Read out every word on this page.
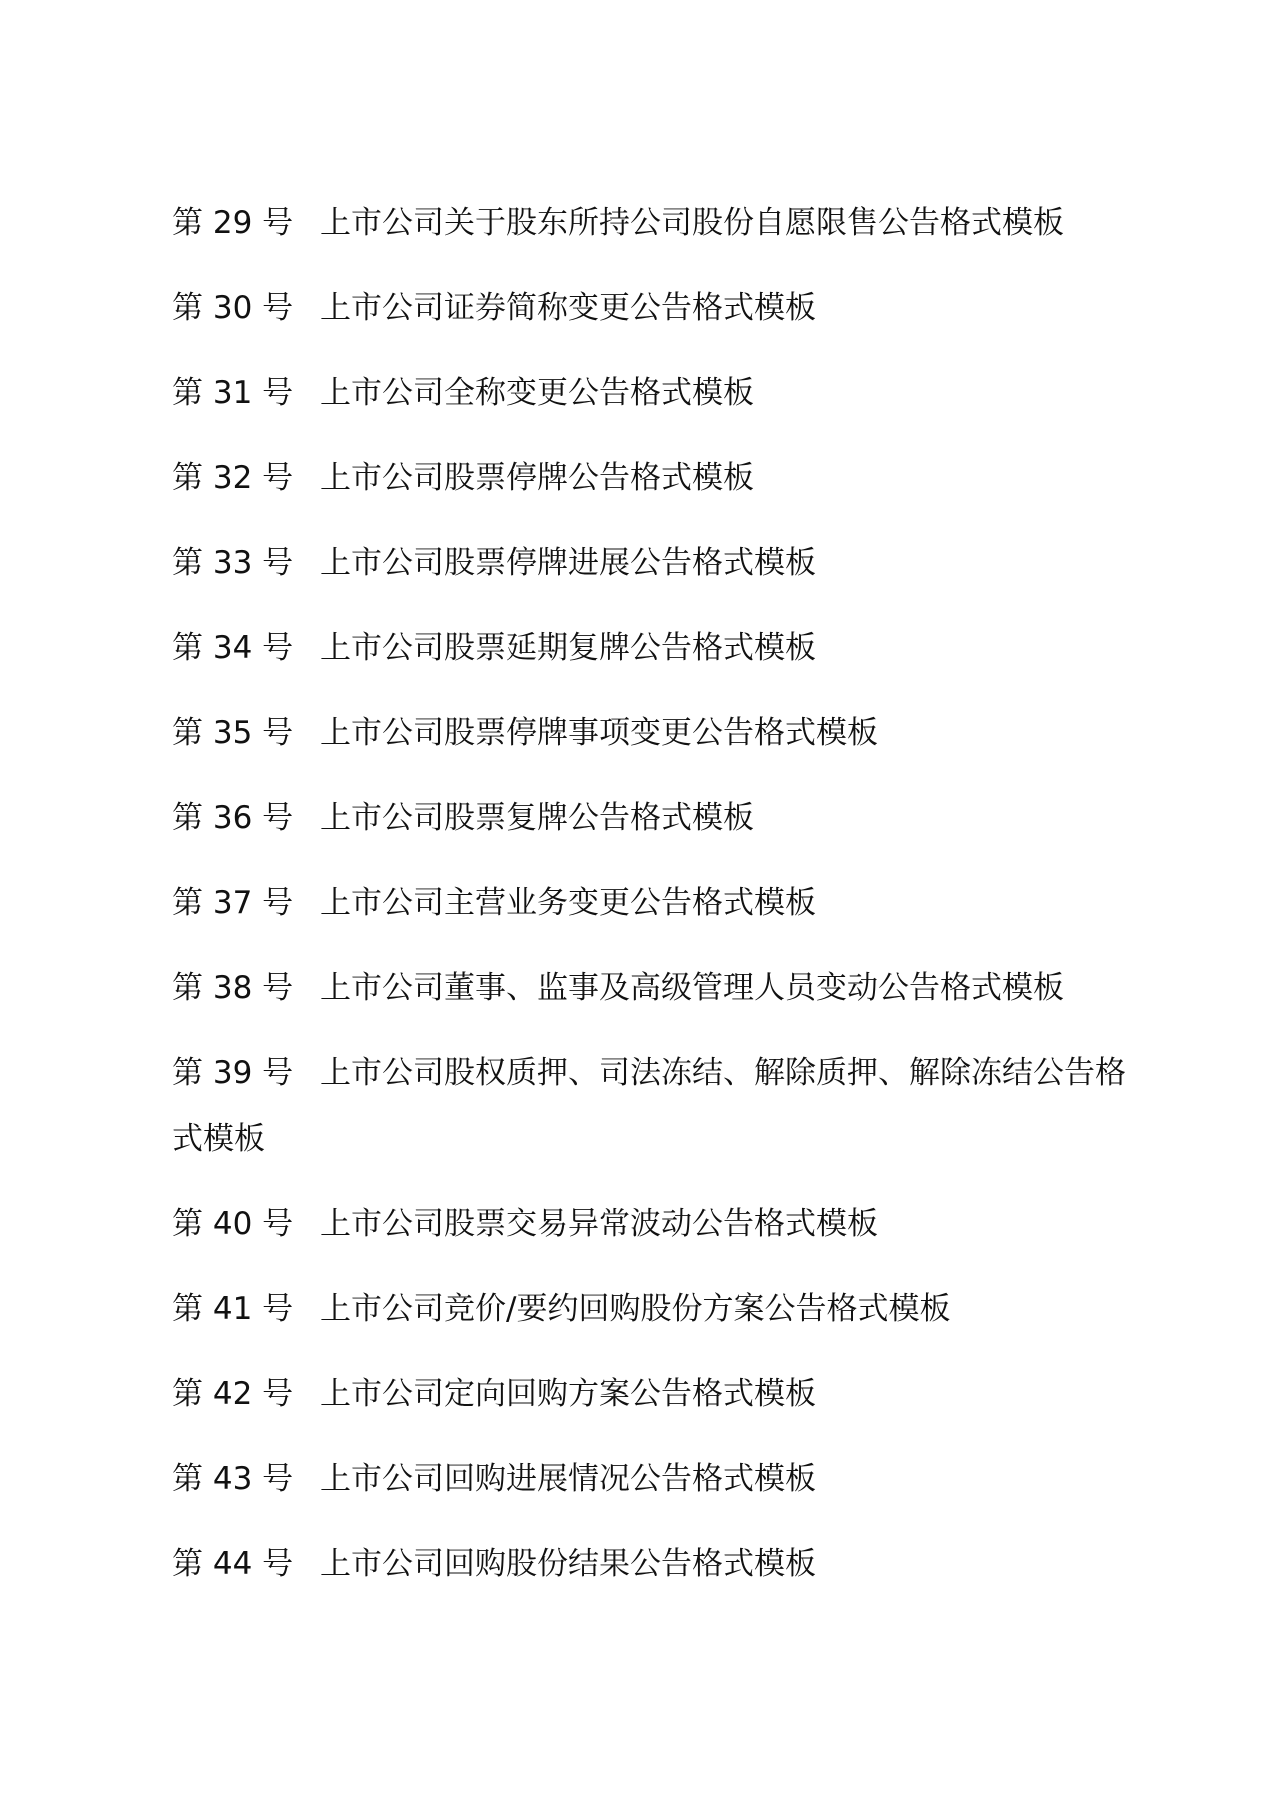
第 29 号 上市公司关于股东所持公司股份自愿限售公告格式模板
第 30 号 上市公司证券简称变更公告格式模板
第 31 号 上市公司全称变更公告格式模板
第 32 号 上市公司股票停牌公告格式模板
第 33 号 上市公司股票停牌进展公告格式模板
第 34 号 上市公司股票延期复牌公告格式模板
第 35 号 上市公司股票停牌事项变更公告格式模板
第 36 号 上市公司股票复牌公告格式模板
第 37 号 上市公司主营业务变更公告格式模板
第 38 号 上市公司董事、监事及高级管理人员变动公告格式模板
第 39 号 上市公司股权质押、司法冻结、解除质押、解除冻结公告格式模板
第 40 号 上市公司股票交易异常波动公告格式模板
第 41 号 上市公司竞价/要约回购股份方案公告格式模板
第 42 号 上市公司定向回购方案公告格式模板
第 43 号 上市公司回购进展情况公告格式模板
第 44 号 上市公司回购股份结果公告格式模板
